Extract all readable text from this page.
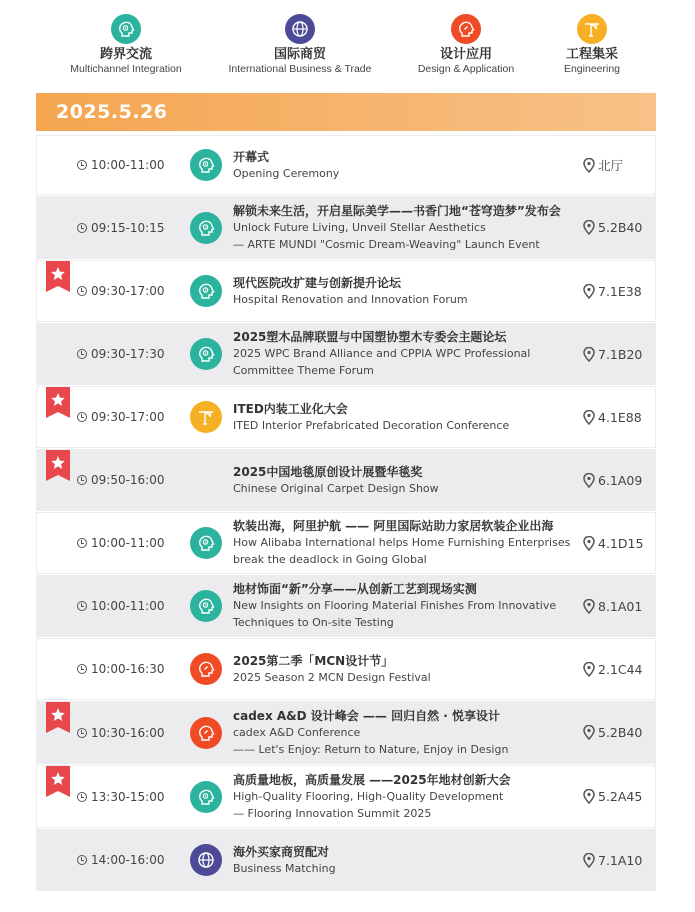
跨界交流
Multichannel Integration
国际商贸
International Business & Trade
设计应用
Design & Application
工程集采
Engineering
2025.5.26
10:00-11:00
开幕式
Opening Ceremony	北厅
09:15-10:15
解锁未来生活，开启星际美学——书香门地“苍穹造梦”发布会
Unlock Future Living, Unveil Stellar Aesthetics
— ARTE MUNDI "Cosmic Dream-Weaving" Launch Event
5.2B40
09:30-17:00
现代医院改扩建与创新提升论坛
Hospital Renovation and Innovation Forum
7.1E38
09:30-17:30
2025塑木品牌联盟与中国塑协塑木专委会主题论坛
2025 WPC Brand Alliance and CPPIA WPC Professional
Committee Theme Forum
7.1B20
09:30-17:00
ITED内装工业化大会
ITED Interior Prefabricated Decoration Conference
4.1E88
09:50-16:00
2025中国地毯原创设计展暨华毯奖
Chinese Original Carpet Design Show
6.1A09
10:00-11:00
软装出海，阿里护航 —— 阿里国际站助力家居软装企业出海
How Alibaba International helps Home Furnishing Enterprises
break the deadlock in Going Global
4.1D15
10:00-11:00
地材饰面“新”分享——从创新工艺到现场实测
New Insights on Flooring Material Finishes From Innovative
Techniques to On-site Testing
8.1A01
10:00-16:30
2025第二季「MCN设计节」
2025 Season 2 MCN Design Festival
2.1C44
10:30-16:00
cadex A&D 设计峰会 —— 回归自然 · 悦享设计
cadex A&D Conference
—— Let's Enjoy: Return to Nature, Enjoy in Design
5.2B40
13:30-15:00
高质量地板，高质量发展 ——2025年地材创新大会
High-Quality Flooring, High-Quality Development
— Flooring Innovation Summit 2025
5.2A45
14:00-16:00
海外买家商贸配对
Business Matching
7.1A10
